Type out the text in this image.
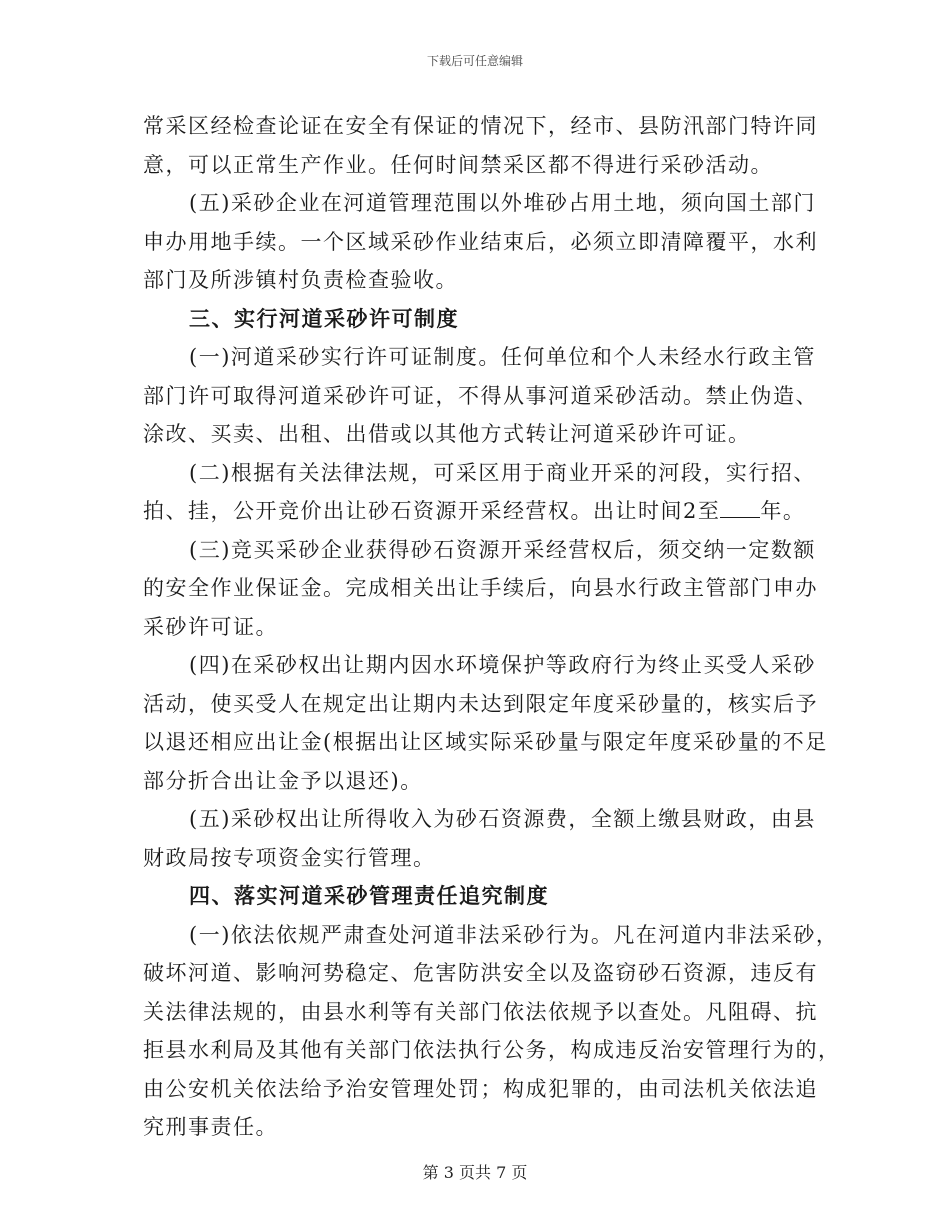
下载后可任意编辑
常采区经检查论证在安全有保证的情况下，经市、县防汛部门特许同
意，可以正常生产作业。任何时间禁采区都不得进行采砂活动。
(五)采砂企业在河道管理范围以外堆砂占用土地，须向国土部门
申办用地手续。一个区域采砂作业结束后，必须立即清障覆平，水利
部门及所涉镇村负责检查验收。
三、实行河道采砂许可制度
(一)河道采砂实行许可证制度。任何单位和个人未经水行政主管
部门许可取得河道采砂许可证，不得从事河道采砂活动。禁止伪造、
涂改、买卖、出租、出借或以其他方式转让河道采砂许可证。
(二)根据有关法律法规，可采区用于商业开采的河段，实行招、
拍、挂，公开竞价出让砂石资源开采经营权。出让时间2至 年。
(三)竞买采砂企业获得砂石资源开采经营权后，须交纳一定数额
的安全作业保证金。完成相关出让手续后，向县水行政主管部门申办
采砂许可证。
(四)在采砂权出让期内因水环境保护等政府行为终止买受人采砂
活动，使买受人在规定出让期内未达到限定年度采砂量的，核实后予
以退还相应出让金(根据出让区域实际采砂量与限定年度采砂量的不足
部分折合出让金予以退还)。
(五)采砂权出让所得收入为砂石资源费，全额上缴县财政，由县
财政局按专项资金实行管理。
四、落实河道采砂管理责任追究制度
(一)依法依规严肃查处河道非法采砂行为。凡在河道内非法采砂，
破坏河道、影响河势稳定、危害防洪安全以及盗窃砂石资源，违反有
关法律法规的，由县水利等有关部门依法依规予以查处。凡阻碍、抗
拒县水利局及其他有关部门依法执行公务，构成违反治安管理行为的，
由公安机关依法给予治安管理处罚；构成犯罪的，由司法机关依法追
究刑事责任。
第 3 页共 7 页
